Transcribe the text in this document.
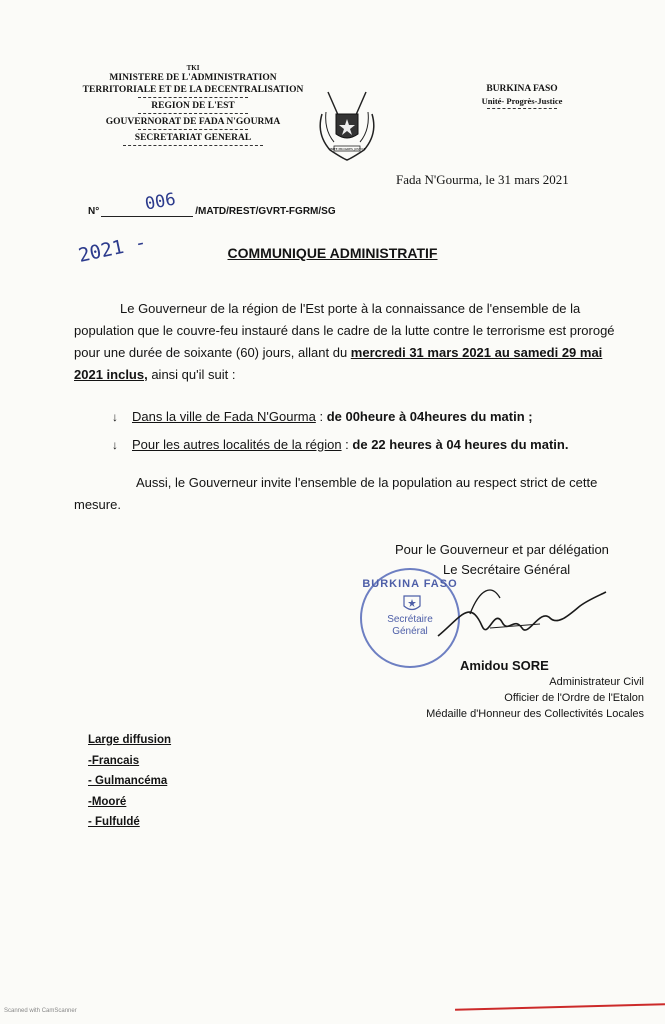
TKI
MINISTERE DE L'ADMINISTRATION
TERRITORIALE ET DE LA DECENTRALISATION
REGION DE L'EST
GOUVERNORAT DE FADA N'GOURMA
SECRETARIAT GENERAL
UNITE PROGRES JUSTICE
BURKINA FASO
Unité- Progrès-Justice
Fada N'Gourma, le 31 mars 2021
N°	/MATD/REST/GVRT-FGRM/SG
006
2021 -	COMMUNIQUE ADMINISTRATIF
Le Gouverneur de la région de l'Est porte à la connaissance de l'ensemble de la population que le couvre-feu instauré dans le cadre de la lutte contre le terrorisme est prorogé pour une durée de soixante (60) jours, allant du mercredi 31 mars 2021 au samedi 29 mai 2021 inclus, ainsi qu'il suit :
↓ Dans la ville de Fada N'Gourma : de 00heure à 04heures du matin ;
↓ Pour les autres localités de la région : de 22 heures à 04 heures du matin.
Aussi, le Gouverneur invite l'ensemble de la population au respect strict de cette mesure.
Pour le Gouverneur et par délégation
Le Secrétaire Général
BURKINA FASO
Secrétaire
Général
Amidou SORE
Administrateur Civil
Officier de l'Ordre de l'Etalon
Médaille d'Honneur des Collectivités Locales
Large diffusion
-Francais
- Gulmancéma
-Mooré
- Fulfuldé
Scanned with CamScanner
